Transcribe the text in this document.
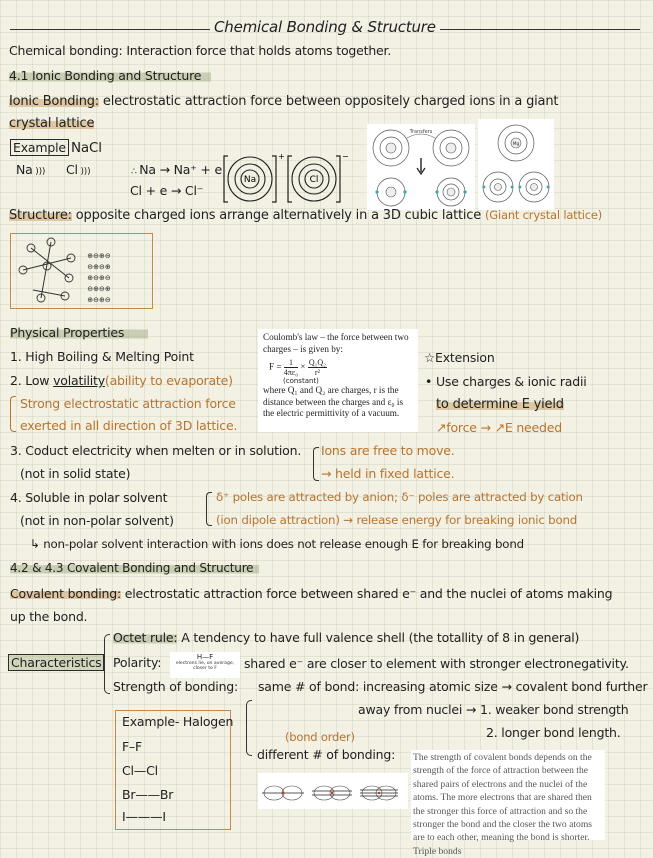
Chemical Bonding & Structure
Chemical bonding: Interaction force that holds atoms together.
4.1 Ionic Bonding and Structure
Ionic Bonding: electrostatic attraction force between oppositely charged ions in a giant
crystal lattice
Example NaCl
Na ))) Cl )))	∴ Na → Na⁺ + e
Cl + e → Cl⁻
Na
+
Cl
−
Transfers
Mg
Structure: opposite charged ions arrange alternatively in a 3D cubic lattice (Giant crystal lattice)
⊕⊖⊕⊖
⊖⊕⊖⊕
⊕⊖⊕⊖
⊖⊕⊖⊕
⊕⊖⊕⊖
Physical Properties
1. High Boiling & Melting Point
2. Low volatility(ability to evaporate)
Strong electrostatic attraction force
exerted in all direction of 3D lattice.
3. Coduct electricity when melten or in solution.
(not in solid state)
Ions are free to move.
→ held in fixed lattice.
4. Soluble in polar solvent
(not in non-polar solvent)
δ⁺ poles are attracted by anion; δ⁻ poles are attracted by cation
(ion dipole attraction) → release energy for breaking ionic bond
↳ non-polar solvent interaction with ions does not release enough E for breaking bond
Coulomb's law – the force between two charges – is given by:
$F = \frac{1}{\text{4πε₀}} \times \frac{\text{Q₁Q₂}}{\text{r²}}$
(constant)
where Q₁ and Q₂ are charges, r is the distance between the charges and ε₀ is the electric permittivity of a vacuum.
☆Extension
• Use charges & ionic radii
to determine E yield
↗force → ↗E needed
4.2 & 4.3 Covalent Bonding and Structure
Covalent bonding: electrostatic attraction force between shared e⁻ and the nuclei of atoms making
up the bond.
Characteristics
Octet rule: A tendency to have full valence shell (the totallity of 8 in general)
Polarity:	H—F
electrons lie, on average, closer to F	shared e⁻ are closer to element with stronger electronegativity.
Strength of bonding: same # of bond: increasing atomic size → covalent bond further
away from nuclei → 1. weaker bond strength
2. longer bond length.
(bond order)
different # of bonding:
Example- Halogen
F–F
Cl—Cl
Br——Br
I———I
The strength of covalent bonds depends on the strength of the force of attraction between the shared pairs of electrons and the nuclei of the atoms. The more electrons that are shared then the stronger this force of attraction and so the stronger the bond and the closer the two atoms are to each other, meaning the bond is shorter. Triple bonds
